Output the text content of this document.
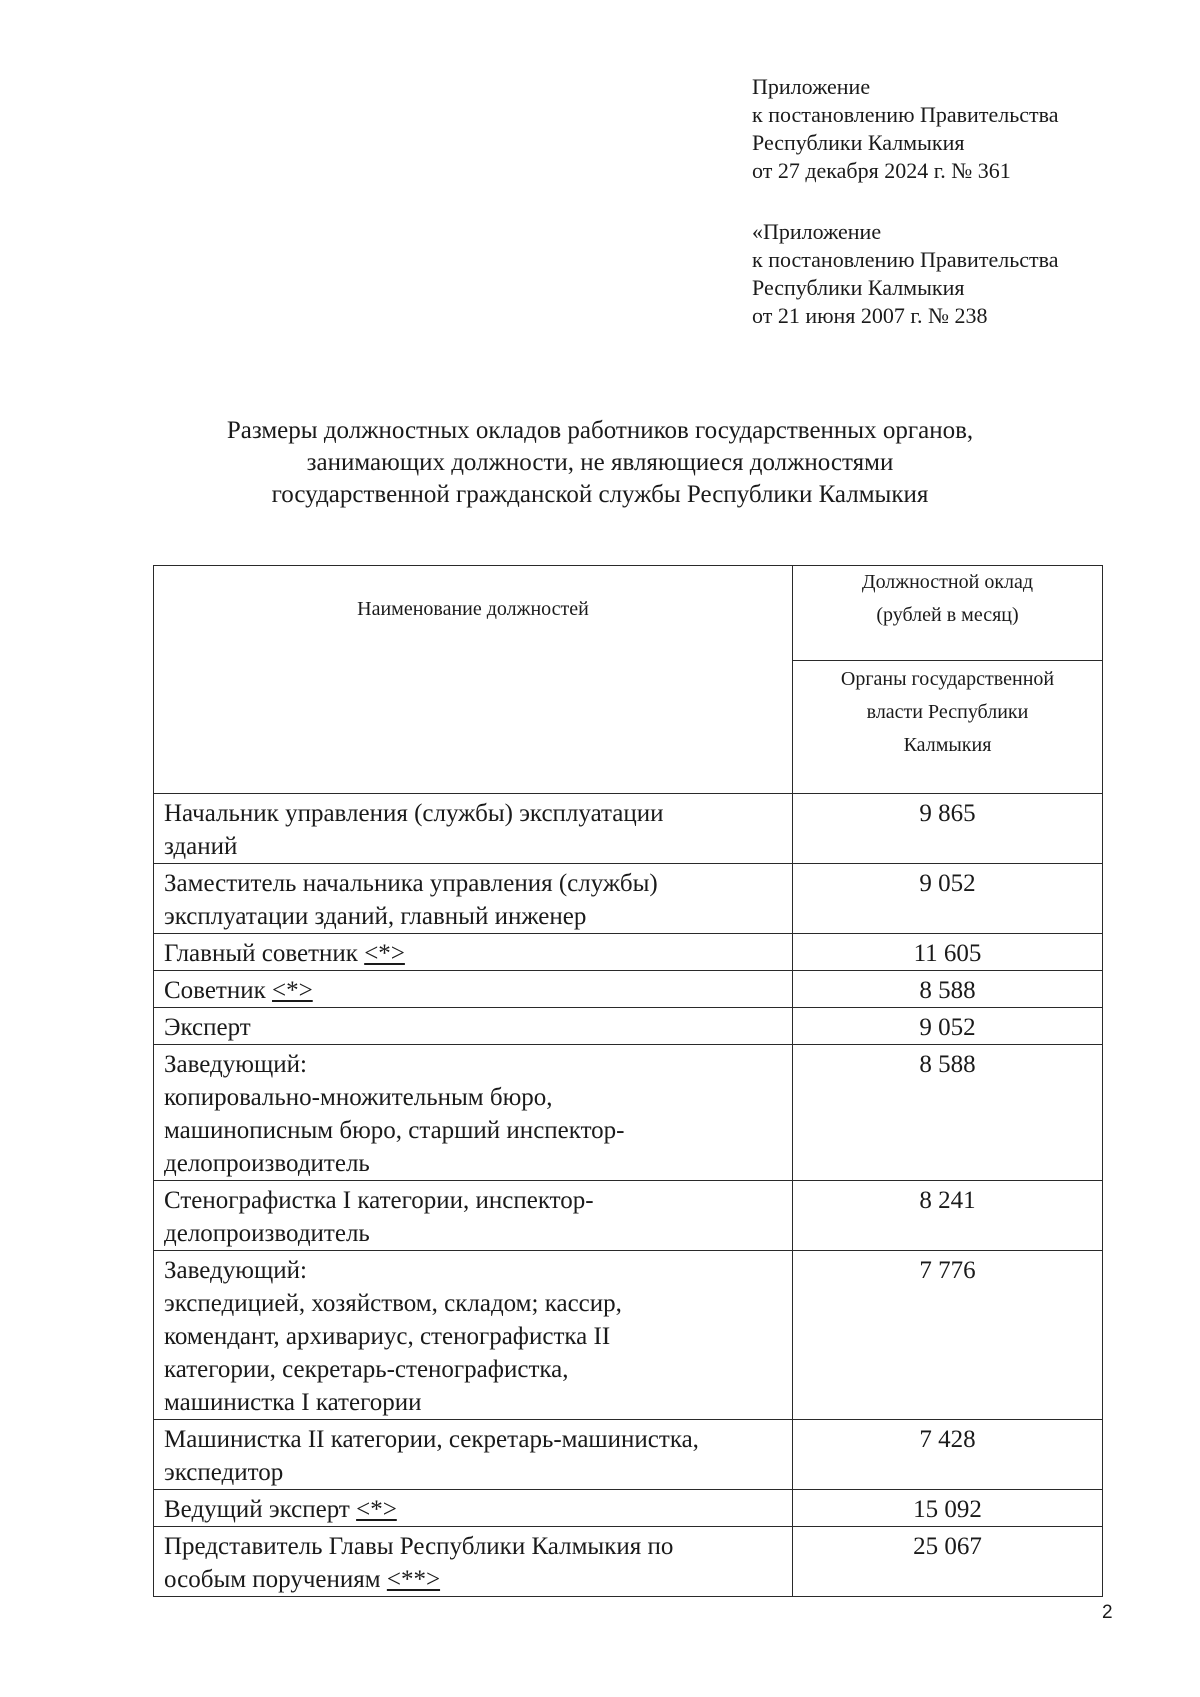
Приложение
к постановлению Правительства
Республики Калмыкия
от 27 декабря 2024 г. № 361
«Приложение
к постановлению Правительства
Республики Калмыкия
от 21 июня 2007 г. № 238
Размеры должностных окладов работников государственных органов,
занимающих должности, не являющиеся должностями
государственной гражданской службы Республики Калмыкия
Наименование должностей	Должностной оклад
(рублей в месяц)

	Органы государственной
власти Республики
Калмыкия

Начальник управления (службы) эксплуатации
зданий	9 865

Заместитель начальника управления (службы)
эксплуатации зданий, главный инженер	9 052

Главный советник <*>	11 605

Советник <*>	8 588

Эксперт	9 052

Заведующий:
копировально-множительным бюро,
машинописным бюро, старший инспектор-
делопроизводитель	8 588

Стенографистка I категории, инспектор-
делопроизводитель	8 241

Заведующий:
экспедицией, хозяйством, складом; кассир,
комендант, архивариус, стенографистка II
категории, секретарь-стенографистка,
машинистка I категории	7 776

Машинистка II категории, секретарь-машинистка,
экспедитор	7 428

Ведущий эксперт <*>	15 092

Представитель Главы Республики Калмыкия по
особым поручениям <**>	25 067
2
